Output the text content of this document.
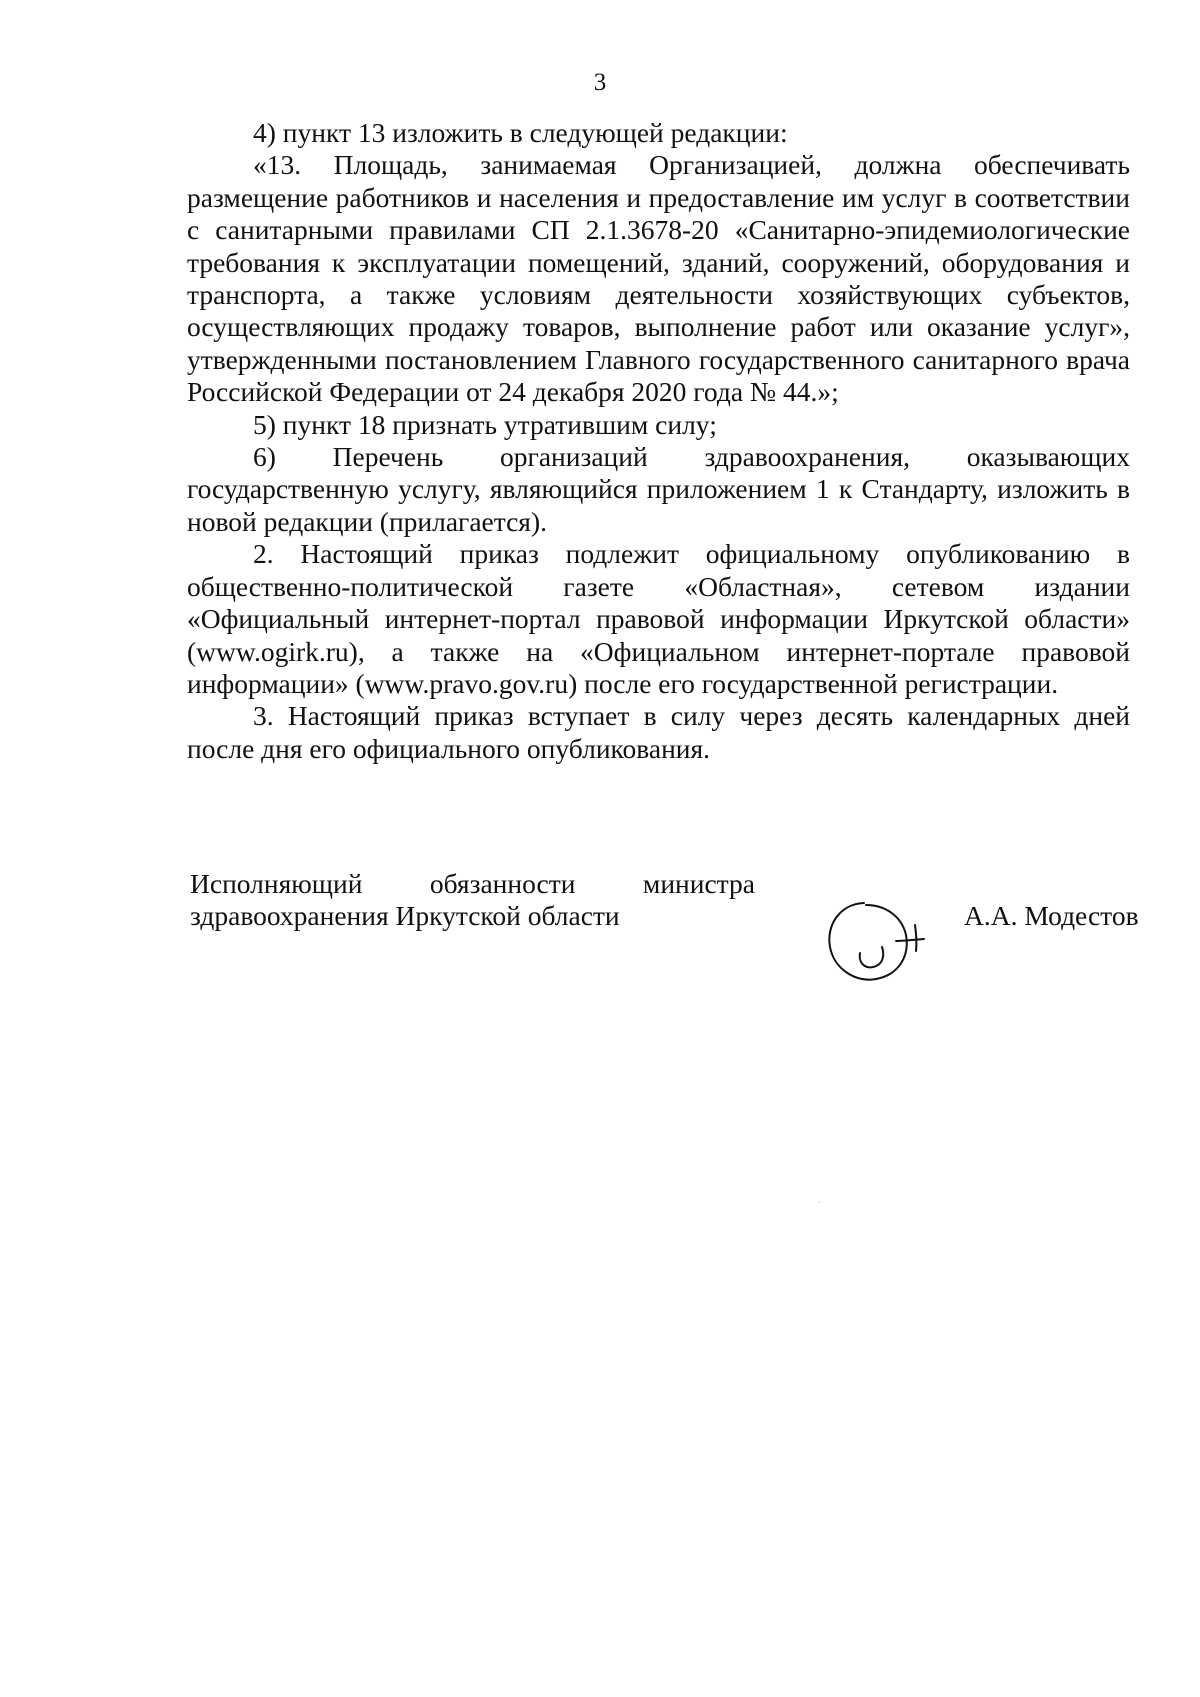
3

4) пункт 13 изложить в следующей редакции:

«13. Площадь, занимаемая Организацией, должна обеспечивать размещение работников и населения и предоставление им услуг в соответствии с санитарными правилами СП 2.1.3678-20 «Санитарно-эпидемиологические требования к эксплуатации помещений, зданий, сооружений, оборудования и транспорта, а также условиям деятельности хозяйствующих субъектов, осуществляющих продажу товаров, выполнение работ или оказание услуг», утвержденными постановлением Главного государственного санитарного врача Российской Федерации от 24 декабря 2020 года № 44.»;

5) пункт 18 признать утратившим силу;

6) Перечень организаций здравоохранения, оказывающих государственную услугу, являющийся приложением 1 к Стандарту, изложить в новой редакции (прилагается).

2. Настоящий приказ подлежит официальному опубликованию в общественно-политической газете «Областная», сетевом издании «Официальный интернет-портал правовой информации Иркутской области» (www.ogirk.ru), а также на «Официальном интернет-портале правовой информации» (www.pravo.gov.ru) после его государственной регистрации.

3. Настоящий приказ вступает в силу через десять календарных дней после дня его официального опубликования.

Исполняющий обязанности министра
здравоохранения Иркутской области	А.А. Модестов
